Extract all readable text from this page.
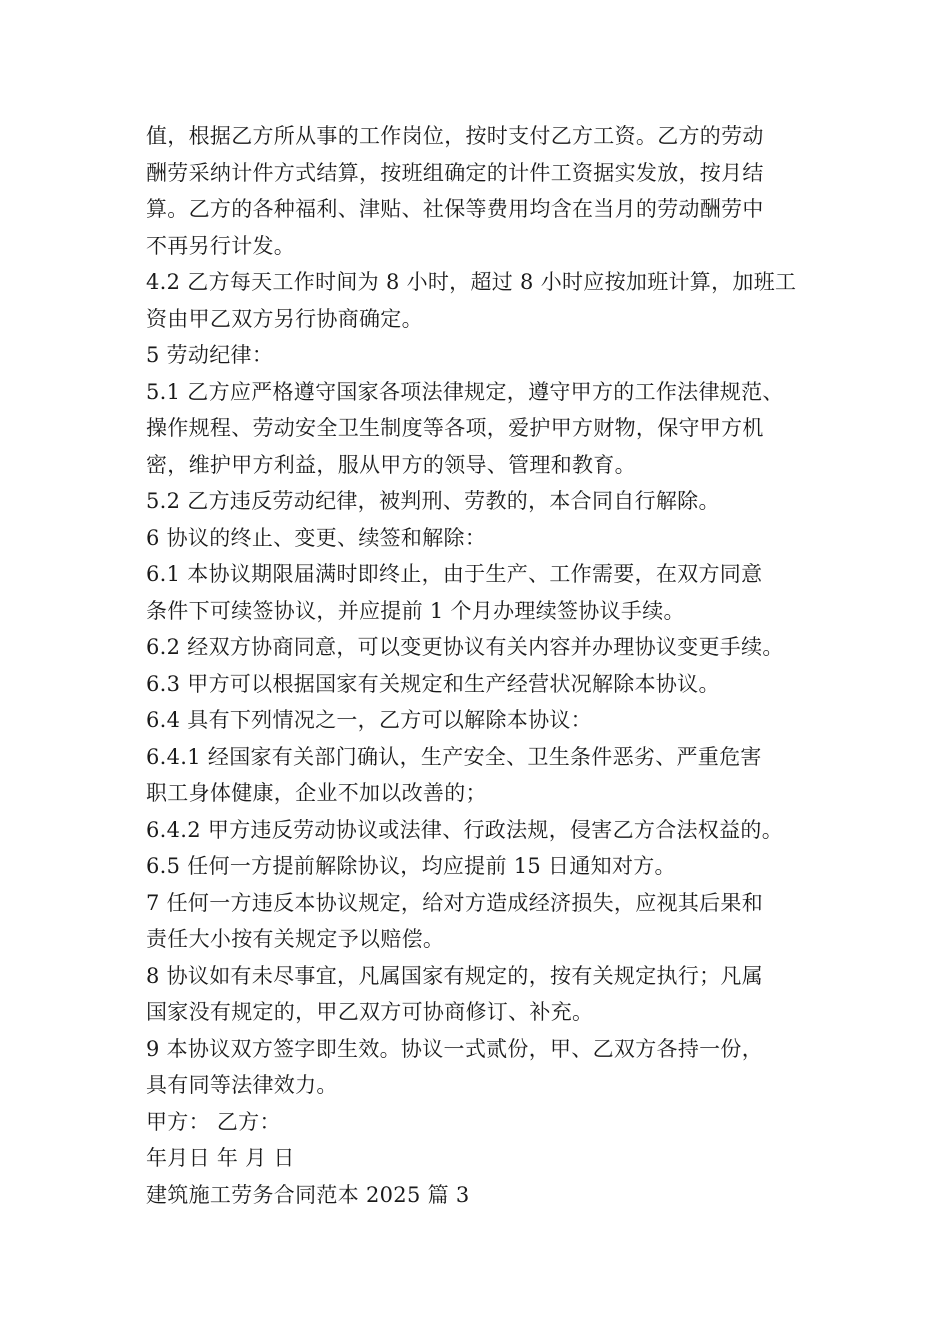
值，根据乙方所从事的工作岗位，按时支付乙方工资。乙方的劳动
酬劳采纳计件方式结算，按班组确定的计件工资据实发放，按月结
算。乙方的各种福利、津贴、社保等费用均含在当月的劳动酬劳中
不再另行计发。
4.2 乙方每天工作时间为 8 小时，超过 8 小时应按加班计算，加班工
资由甲乙双方另行协商确定。
5 劳动纪律：
5.1 乙方应严格遵守国家各项法律规定，遵守甲方的工作法律规范、
操作规程、劳动安全卫生制度等各项，爱护甲方财物，保守甲方机
密，维护甲方利益，服从甲方的领导、管理和教育。
5.2 乙方违反劳动纪律，被判刑、劳教的，本合同自行解除。
6 协议的终止、变更、续签和解除：
6.1 本协议期限届满时即终止，由于生产、工作需要，在双方同意
条件下可续签协议，并应提前 1 个月办理续签协议手续。
6.2 经双方协商同意，可以变更协议有关内容并办理协议变更手续。
6.3 甲方可以根据国家有关规定和生产经营状况解除本协议。
6.4 具有下列情况之一，乙方可以解除本协议：
6.4.1 经国家有关部门确认，生产安全、卫生条件恶劣、严重危害
职工身体健康，企业不加以改善的；
6.4.2 甲方违反劳动协议或法律、行政法规，侵害乙方合法权益的。
6.5 任何一方提前解除协议，均应提前 15 日通知对方。
7 任何一方违反本协议规定，给对方造成经济损失，应视其后果和
责任大小按有关规定予以赔偿。
8 协议如有未尽事宜，凡属国家有规定的，按有关规定执行；凡属
国家没有规定的，甲乙双方可协商修订、补充。
9 本协议双方签字即生效。协议一式贰份，甲、乙双方各持一份，
具有同等法律效力。
甲方： 乙方：
年月日 年 月 日
建筑施工劳务合同范本 2025 篇 3
